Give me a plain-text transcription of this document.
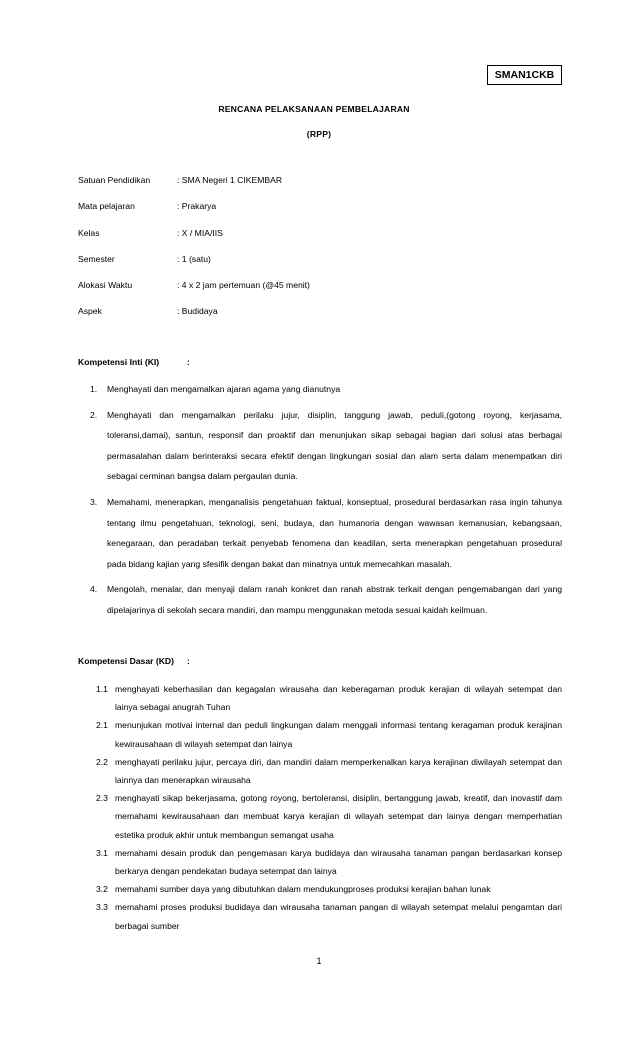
SMAN1CKB
RENCANA PELAKSANAAN PEMBELAJARAN
(RPP)
Satuan Pendidikan	: SMA Negeri 1 CIKEMBAR
Mata pelajaran	: Prakarya
Kelas	: X / MIA/IIS
Semester	: 1 (satu)
Alokasi Waktu	: 4 x 2 jam pertemuan (@45 menit)
Aspek	: Budidaya
Kompetensi Inti (KI)	:
1. Menghayati dan mengamalkan ajaran agama yang dianutnya
2. Menghayati dan mengamalkan perilaku jujur, disiplin, tanggung jawab, peduli,(gotong royong, kerjasama, toleransi,damai), santun, responsif dan proaktif dan menunjukan sikap sebagai bagian dari solusi atas berbagai permasalahan dalam berinteraksi secara efektif dengan lingkungan sosial dan alam serta dalam menempatkan diri sebagai cerminan bangsa dalam pergaulan dunia.
3. Memahami, menerapkan, menganalisis pengetahuan faktual, konseptual, prosedural berdasarkan rasa ingin tahunya tentang ilmu pengetahuan, teknologi, seni, budaya, dan humanoria dengan wawasan kemanusian, kebangsaan, kenegaraan, dan peradaban terkait penyebab fenomena dan keadilan, serta menerapkan pengetahuan prosedural pada bidang kajian yang sfesifik dengan bakat dan minatnya untuk memecahkan masalah.
4. Mengolah, menalar, dan menyaji dalam ranah konkret dan ranah abstrak terkait dengan pengemabangan dari yang dipelajarinya di sekolah secara mandiri, dan mampu menggunakan metoda sesuai kaidah keilmuan.
Kompetensi Dasar (KD) :
1.1 menghayati keberhasilan dan kegagalan wirausaha dan keberagaman produk kerajian di wilayah setempat dan lainya sebagai anugrah Tuhan
2.1 menunjukan motivai internal dan peduli lingkungan dalam menggali informasi tentang keragaman produk kerajinan kewirausahaan di wilayah setempat dan lainya
2.2 menghayati perilaku jujur, percaya diri, dan mandiri dalam memperkenalkan karya kerajinan diwilayah setempat dan lainnya dan menerapkan wirausaha
2.3 menghayati sikap bekerjasama, gotong royong, bertoleransi, disiplin, bertanggung jawab, kreatif, dan inovastif dam memahami kewirausahaan dan membuat karya kerajian di wilayah setempat dan lainya dengan memperhatian estetika produk akhir untuk membangun semangat usaha
3.1 memahami desain produk dan pengemasan karya budidaya dan wirausaha tanaman pangan berdasarkan konsep berkarya dengan pendekatan budaya setempat dan lainya
3.2 memahami sumber daya yang dibutuhkan dalam mendukungproses produksi kerajian bahan lunak
3.3 memahami proses produksi budidaya dan wirausaha tanaman pangan di wilayah setempat melalui pengamtan dari berbagai sumber
1
